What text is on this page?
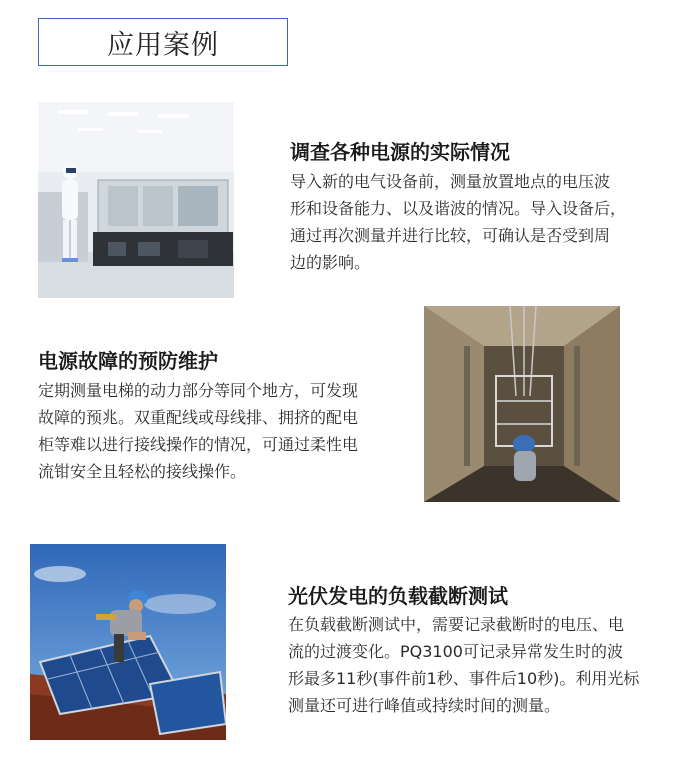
应用案例
调查各种电源的实际情况
导入新的电气设备前，测量放置地点的电压波
形和设备能力、以及谐波的情况。导入设备后，
通过再次测量并进行比较，可确认是否受到周
边的影响。
电源故障的预防维护
定期测量电梯的动力部分等同个地方，可发现
故障的预兆。双重配线或母线排、拥挤的配电
柜等难以进行接线操作的情况，可通过柔性电
流钳安全且轻松的接线操作。
光伏发电的负载截断测试
在负载截断测试中，需要记录截断时的电压、电
流的过渡变化。PQ3100可记录异常发生时的波
形最多11秒(事件前1秒、事件后10秒)。利用光标
测量还可进行峰值或持续时间的测量。
